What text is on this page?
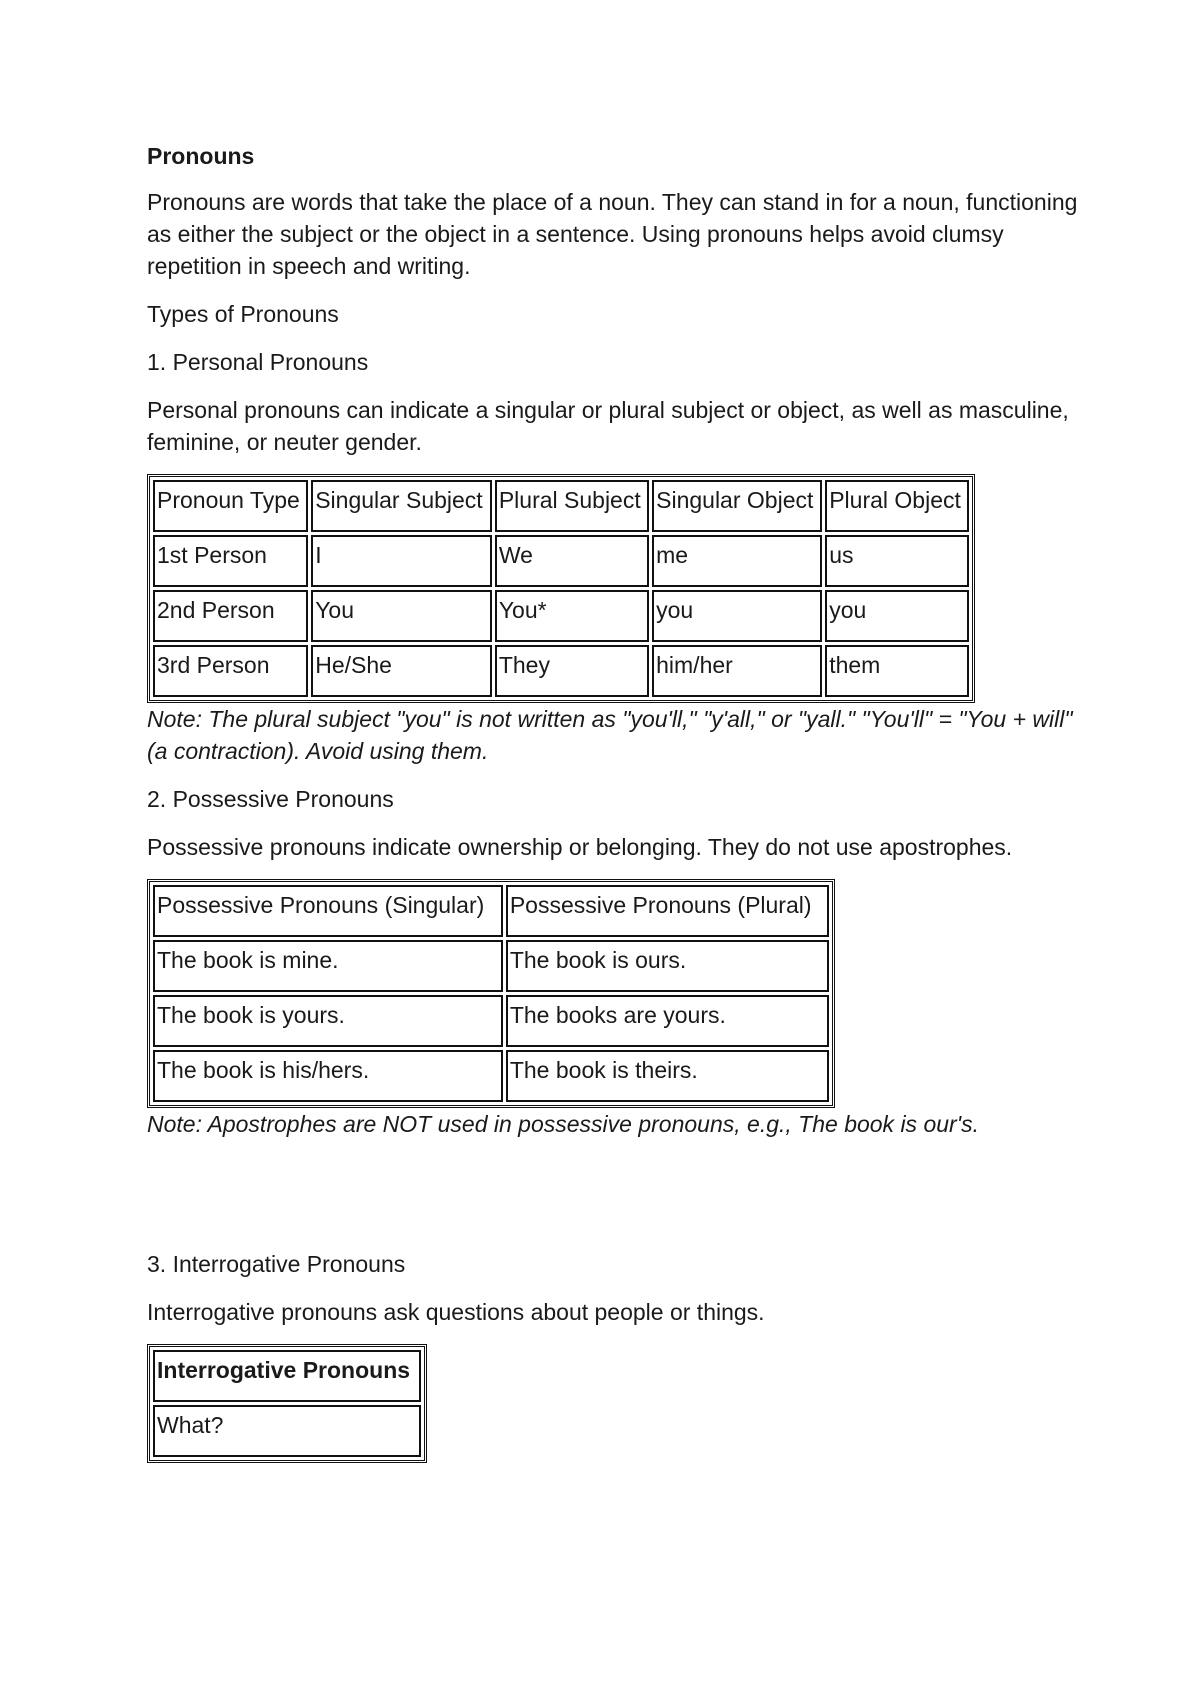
Pronouns

Pronouns are words that take the place of a noun. They can stand in for a noun, functioning as either the subject or the object in a sentence. Using pronouns helps avoid clumsy repetition in speech and writing.

Types of Pronouns

1. Personal Pronouns

Personal pronouns can indicate a singular or plural subject or object, as well as masculine, feminine, or neuter gender.

Pronoun Type	Singular Subject	Plural Subject	Singular Object	Plural Object
1st Person	I	We	me	us
2nd Person	You	You*	you	you
3rd Person	He/She	They	him/her	them
Note: The plural subject "you" is not written as "you'll," "y'all," or "yall." "You'll" = "You + will" (a contraction). Avoid using them.

2. Possessive Pronouns

Possessive pronouns indicate ownership or belonging. They do not use apostrophes.

Possessive Pronouns (Singular)	Possessive Pronouns (Plural)
The book is mine.	The book is ours.
The book is yours.	The books are yours.
The book is his/hers.	The book is theirs.
Note: Apostrophes are NOT used in possessive pronouns, e.g., The book is our's.

3. Interrogative Pronouns

Interrogative pronouns ask questions about people or things.

Interrogative Pronouns
What?
